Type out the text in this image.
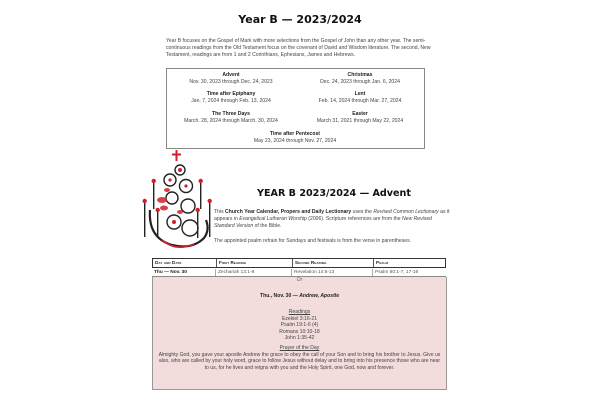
Year B — 2023/2024
Year B focuses on the Gospel of Mark with more selections from the Gospel of John than any other year. The semi-continuous readings from the Old Testament focus on the covenant of David and Wisdom literature. The second, New Testament, readings are from 1 and 2 Corinthians, Ephesians, James and Hebrews.
Advent
Nov. 30, 2023 through Dec. 24, 2023
Christmas
Dec. 24, 2023 through Jan. 6, 2024
Time after Epiphany
Jan. 7, 2024 through Feb. 13, 2024
Lent
Feb. 14, 2024 through Mar. 27, 2024
The Three Days
March. 28, 2024 through March. 30, 2024
Easter
March 31, 2021 through May 22, 2024
Time after Pentecost
May 23, 2024 through Nov. 27, 2024
YEAR B 2023/2024 — Advent
This Church Year Calendar, Propers and Daily Lectionary uses the Revised Common Lectionary as it appears in Evangelical Lutheran Worship (2006). Scripture references are from the New Revised Standard Version of the Bible.
The appointed psalm refrain for Sundays and festivals is from the verse in parentheses.
Day and Date	First Reading	Second Reading	Psalm
Thu — Nov. 30	Zechariah 13:1-9	Revelation 14:6-13	Psalm 80:1-7, 17-19
Or
Thu., Nov. 30 — Andrew, Apostle
Readings
Ezekiel 3:16-21
Psalm 19:1-6 (4)
Romans 10:10-18
John 1:35-42
Prayer of the Day
Almighty God, you gave your apostle Andrew the grace to obey the call of your Son and to bring his brother to Jesus. Give us also, who are called by your holy word, grace to follow Jesus without delay and to bring into his presence those who are near to us, for he lives and reigns with you and the Holy Spirit, one God, now and forever.
